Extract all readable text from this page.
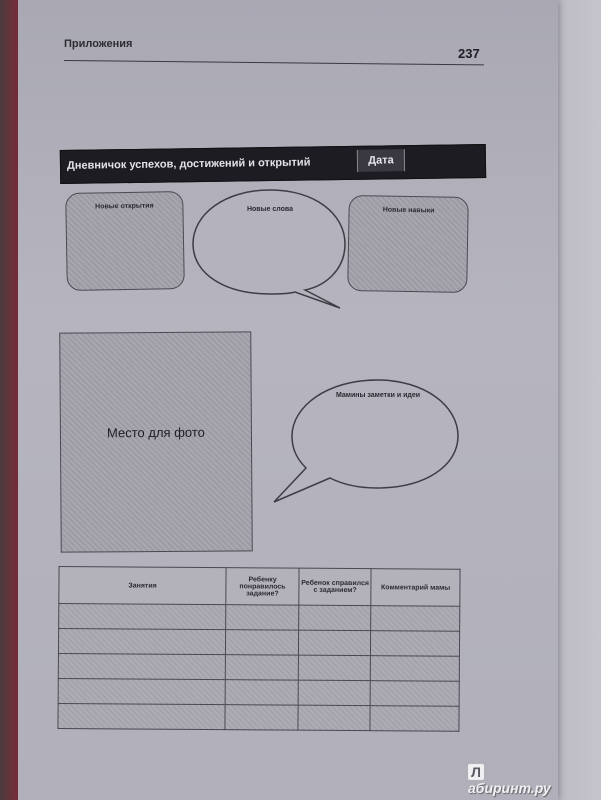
Приложения
237
Дневничок успехов, достижений и открытий	Дата
Новые открытия	Новые слова	Новые навыки
Место для фото
Мамины заметки и идеи
Занятия	Ребенку понравилось задание?	Ребенок справился с заданием?	Комментарий мамы

Лабиринт.ру
